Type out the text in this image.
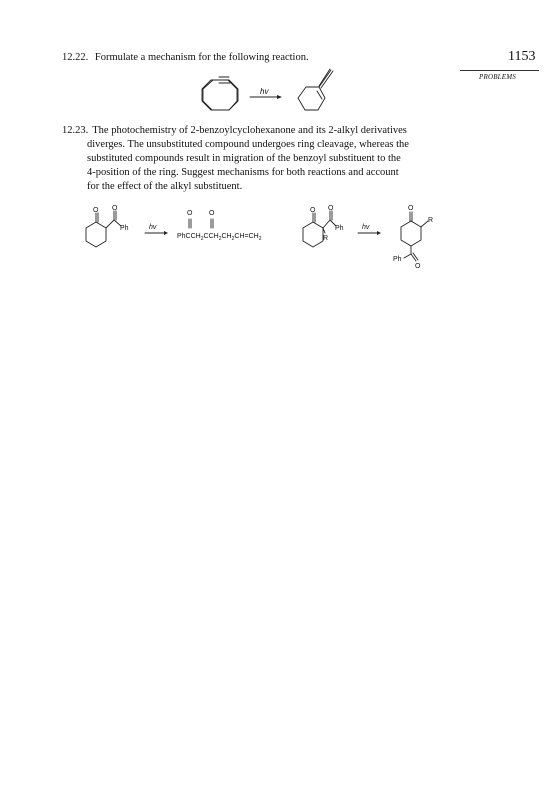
1153
PROBLEMS
12.22. Formulate a mechanism for the following reaction.
12.23. The photochemistry of 2-benzoylcyclohexanone and its 2-alkyl derivatives
diverges. The unsubstituted compound undergoes ring cleavage, whereas the
substituted compounds result in migration of the benzoyl substituent to the
4-position of the ring. Suggest mechanisms for both reactions and account
for the effect of the alkyl substituent.
hv
O O
Ph	hv
$PhCCH_2CCH_2CH_2CH=CH_2$
O O	O O
Ph
R
hv
O
R
Ph
O
